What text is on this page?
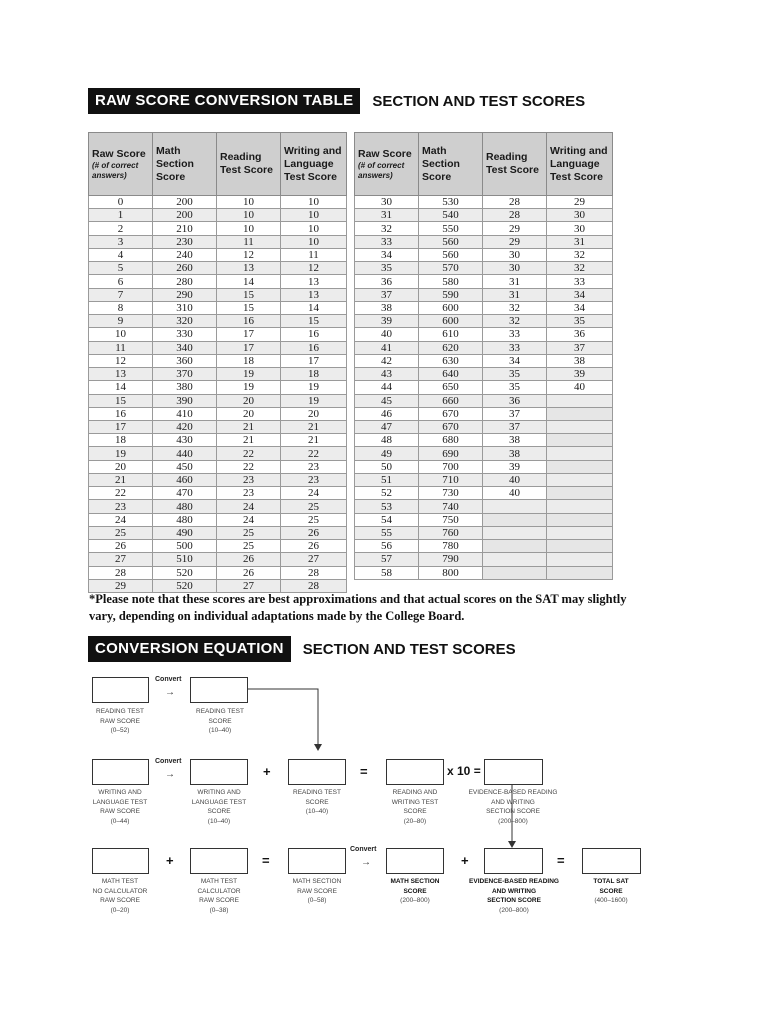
RAW SCORE CONVERSION TABLE	SECTION AND TEST SCORES
Raw Score
(# of correct answers)	Math Section Score	Reading Test Score	Writing and Language Test Score
0	200	10	10
1	200	10	10
2	210	10	10
3	230	11	10
4	240	12	11
5	260	13	12
6	280	14	13
7	290	15	13
8	310	15	14
9	320	16	15
10	330	17	16
11	340	17	16
12	360	18	17
13	370	19	18
14	380	19	19
15	390	20	19
16	410	20	20
17	420	21	21
18	430	21	21
19	440	22	22
20	450	22	23
21	460	23	23
22	470	23	24
23	480	24	25
24	480	24	25
25	490	25	26
26	500	25	26
27	510	26	27
28	520	26	28
29	520	27	28
Raw Score
(# of correct answers)	Math Section Score	Reading Test Score	Writing and Language Test Score
30	530	28	29
31	540	28	30
32	550	29	30
33	560	29	31
34	560	30	32
35	570	30	32
36	580	31	33
37	590	31	34
38	600	32	34
39	600	32	35
40	610	33	36
41	620	33	37
42	630	34	38
43	640	35	39
44	650	35	40
45	660	36	
46	670	37	
47	670	37	
48	680	38	
49	690	38	
50	700	39	
51	710	40	
52	730	40	
53	740		
54	750		
55	760		
56	780		
57	790		
58	800		
*Please note that these scores are best approximations and that actual scores on the SAT may slightly vary, depending on individual adaptations made by the College Board.
CONVERSION EQUATION	SECTION AND TEST SCORES
Convert
→
READING TEST
RAW SCORE
(0–52)
READING TEST
SCORE
(10–40)
Convert
→	+	=	x 10 =
WRITING AND
LANGUAGE TEST
RAW SCORE
(0–44)
WRITING AND
LANGUAGE TEST
SCORE
(10–40)
READING TEST
SCORE
(10–40)
READING AND
WRITING TEST
SCORE
(20–80)
EVIDENCE-BASED READING
AND WRITING
SECTION SCORE
(200–800)
+	=
Convert
→	+	=
MATH TEST
NO CALCULATOR
RAW SCORE
(0–20)
MATH TEST
CALCULATOR
RAW SCORE
(0–38)
MATH SECTION
RAW SCORE
(0–58)
MATH SECTION
SCORE
(200–800)
EVIDENCE-BASED READING
AND WRITING
SECTION SCORE
(200–800)
TOTAL SAT
SCORE
(400–1600)
